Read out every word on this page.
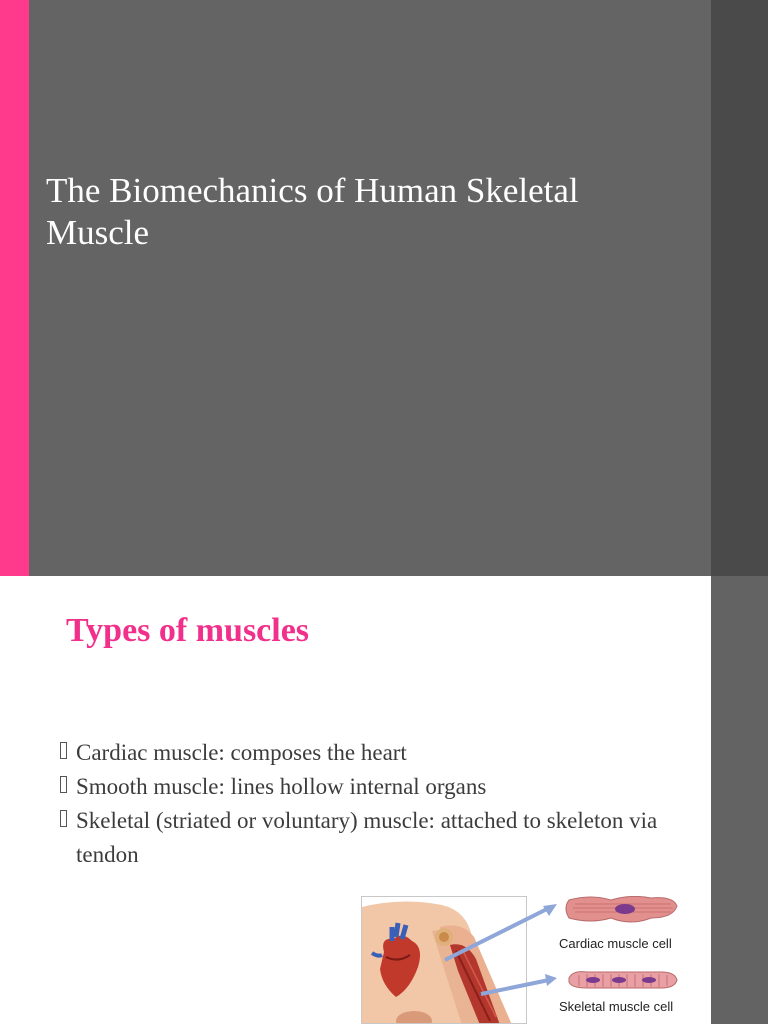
The Biomechanics of Human Skeletal Muscle
Types of muscles
Cardiac muscle: composes the heart
Smooth muscle: lines hollow internal organs
Skeletal (striated or voluntary) muscle: attached to skeleton via tendon
Cardiac muscle cell
Skeletal muscle cell
